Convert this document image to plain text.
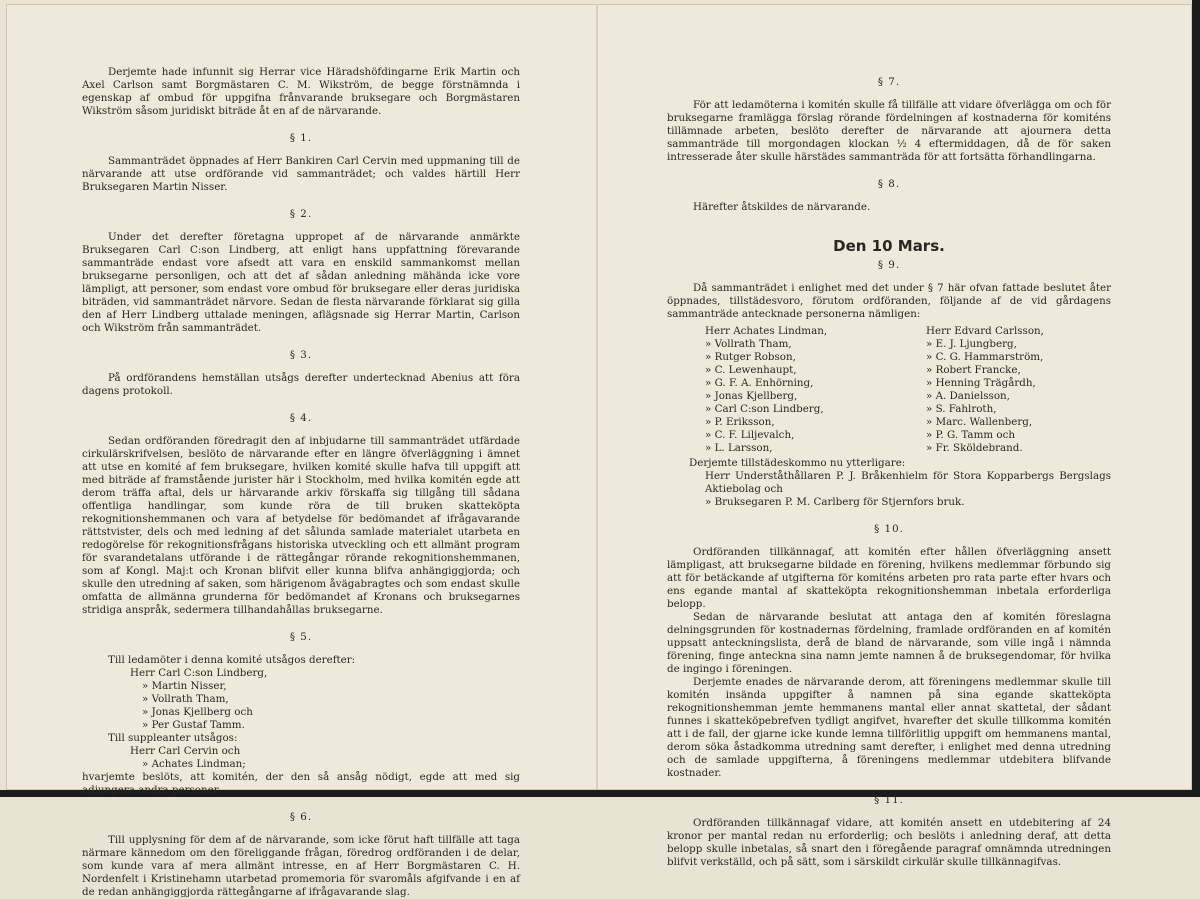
Derjemte hade infunnit sig Herrar vice Häradshöfdingarne Erik Martin och Axel Carlson samt Borgmästaren C. M. Wikström, de begge förstnämnda i egenskap af ombud för uppgifna frånvarande bruksegare och Borgmästaren Wikström såsom juridiskt biträde åt en af de närvarande.

§ 1.

Sammanträdet öppnades af Herr Bankiren Carl Cervin med uppmaning till de närvarande att utse ordförande vid sammanträdet; och valdes härtill Herr Bruksegaren Martin Nisser.

§ 2.

Under det derefter företagna uppropet af de närvarande anmärkte Bruksegaren Carl C:son Lindberg, att enligt hans uppfattning förevarande sammanträde endast vore afsedt att vara en enskild sammankomst mellan bruksegarne personligen, och att det af sådan anledning mähända icke vore lämpligt, att personer, som endast vore ombud för bruksegare eller deras juridiska biträden, vid sammanträdet närvore. Sedan de flesta närvarande förklarat sig gilla den af Herr Lindberg uttalade meningen, aflägsnade sig Herrar Martin, Carlson och Wikström från sammanträdet.

§ 3.

På ordförandens hemställan utsågs derefter undertecknad Abenius att föra dagens protokoll.

§ 4.

Sedan ordföranden föredragit den af inbjudarne till sammanträdet utfärdade cirkulärskrifvelsen, beslöto de närvarande efter en längre öfverläggning i ämnet att utse en komité af fem bruksegare, hvilken komité skulle hafva till uppgift att med biträde af framstående jurister här i Stockholm, med hvilka komitén egde att derom träffa aftal, dels ur härvarande arkiv förskaffa sig tillgång till sådana offentliga handlingar, som kunde röra de till bruken skatteköpta rekognitionshemmanen och vara af betydelse för bedömandet af ifrågavarande rättstvister, dels och med ledning af det sålunda samlade materialet utarbeta en redogörelse för rekognitionsfrågans historiska utveckling och ett allmänt program för svarandetalans utförande i de rättegångar rörande rekognitionshemmanen, som af Kongl. Maj:t och Kronan blifvit eller kunna blifva anhängiggjorda; och skulle den utredning af saken, som härigenom åvägabragtes och som endast skulle omfatta de allmänna grunderna för bedömandet af Kronans och bruksegarnes stridiga anspråk, sedermera tillhandahållas bruksegarne.

§ 5.

Till ledamöter i denna komité utsågos derefter:

Herr Carl C:son Lindberg,
» Martin Nisser,
» Vollrath Tham,
» Jonas Kjellberg och
» Per Gustaf Tamm.

Till suppleanter utsågos:

Herr Carl Cervin och
» Achates Lindman;

hvarjemte beslöts, att komitén, der den så ansåg nödigt, egde att med sig adjungera andra personer.

§ 6.

Till upplysning för dem af de närvarande, som icke förut haft tillfälle att taga närmare kännedom om den föreliggande frågan, föredrog ordföranden i de delar, som kunde vara af mera allmänt intresse, en af Herr Borgmästaren C. H. Nordenfelt i Kristinehamn utarbetad promemoria för svaromåls afgifvande i en af de redan anhängiggjorda rättegångarne af ifrågavarande slag.

§ 7.

För att ledamöterna i komitén skulle få tillfälle att vidare öfverlägga om och för bruksegarne framlägga förslag rörande fördelningen af kostnaderna för komiténs tillämnade arbeten, beslöto derefter de närvarande att ajournera detta sammanträde till morgondagen klockan ½ 4 eftermiddagen, då de för saken intresserade åter skulle härstädes sammanträda för att fortsätta förhandlingarna.

§ 8.

Härefter åtskildes de närvarande.

Den 10 Mars.
§ 9.

Då sammanträdet i enlighet med det under § 7 här ofvan fattade beslutet åter öppnades, tillstädesvoro, förutom ordföranden, följande af de vid gårdagens sammanträde antecknade personerna nämligen:

Herr Achates Lindman,
» Vollrath Tham,
» Rutger Robson,
» C. Lewenhaupt,
» G. F. A. Enhörning,
» Jonas Kjellberg,
» Carl C:son Lindberg,
» P. Eriksson,
» C. F. Liljevalch,
» L. Larsson,
Herr Edvard Carlsson,
» E. J. Ljungberg,
» C. G. Hammarström,
» Robert Francke,
» Henning Trägårdh,
» A. Danielsson,
» S. Fahlroth,
» Marc. Wallenberg,
» P. G. Tamm och
» Fr. Sköldebrand.

Derjemte tillstädeskommo nu ytterligare:

Herr Underståthållaren P. J. Bråkenhielm för Stora Kopparbergs Bergslags Aktiebolag och

» Bruksegaren P. M. Carlberg för Stjernfors bruk.

§ 10.

Ordföranden tillkännagaf, att komitén efter hållen öfverläggning ansett lämpligast, att bruksegarne bildade en förening, hvilkens medlemmar förbundo sig att för betäckande af utgifterna för komiténs arbeten pro rata parte efter hvars och ens egande mantal af skatteköpta rekognitionshemman inbetala erforderliga belopp.

Sedan de närvarande beslutat att antaga den af komitén föreslagna delningsgrunden för kostnadernas fördelning, framlade ordföranden en af komitén uppsatt anteckningslista, derå de bland de närvarande, som ville ingå i nämnda förening, finge anteckna sina namn jemte namnen å de bruksegendomar, för hvilka de ingingo i föreningen.

Derjemte enades de närvarande derom, att föreningens medlemmar skulle till komitén insända uppgifter å namnen på sina egande skatteköpta rekognitionshemman jemte hemmanens mantal eller annat skattetal, der sådant funnes i skatteköpebrefven tydligt angifvet, hvarefter det skulle tillkomma komitén att i de fall, der gjarne icke kunde lemna tillförlitlig uppgift om hemmanens mantal, derom söka åstadkomma utredning samt derefter, i enlighet med denna utredning och de samlade uppgifterna, å föreningens medlemmar utdebitera blifvande kostnader.

§ 11.

Ordföranden tillkännagaf vidare, att komitén ansett en utdebitering af 24 kronor per mantal redan nu erforderlig; och beslöts i anledning deraf, att detta belopp skulle inbetalas, så snart den i föregående paragraf omnämnda utredningen blifvit verkställd, och på sätt, som i särskildt cirkulär skulle tillkännagifvas.
